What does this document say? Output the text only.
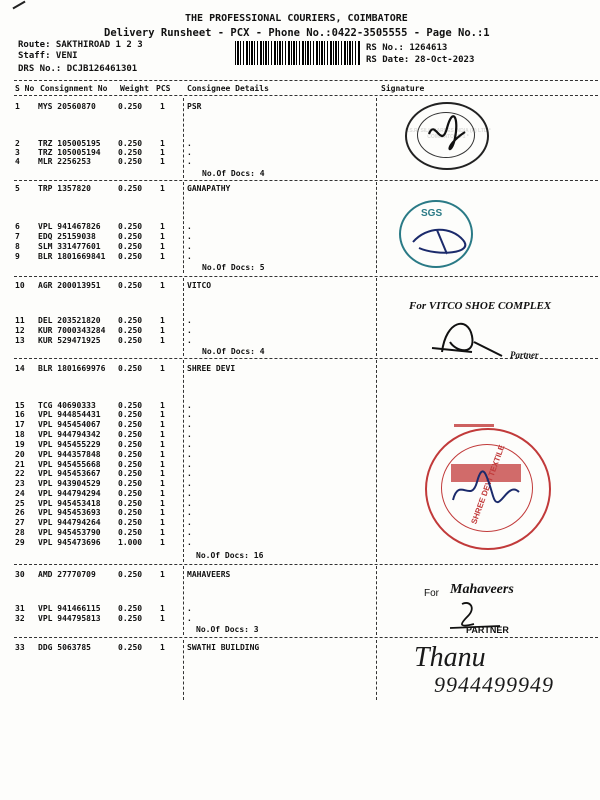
THE PROFESSIONAL COURIERS, COIMBATORE
Delivery Runsheet - PCX - Phone No.:0422-3505555 - Page No.:1
Route: SAKTHIROAD 1 2 3
Staff: VENI
DRS No.: DCJB126461301
RS No.: 1264613
RS Date: 28-Oct-2023
S No Consignment No Weight PCS Consignee Details	Signature
1 MYS 20560870	0.250 1	PSR
2 TRZ 105005195 0.250 1	.
3 TRZ 105005194 0.250 1	.
4 MLR 2256253	0.250 1	.
No.Of Docs: 4
5 TRP 1357820	0.250 1	GANAPATHY
6 VPL 941467826 0.250 1	.
7 EDQ 25159038	0.250 1	.
8 SLM 331477601 0.250 1	.
9 BLR 1801669841 0.250 1	.
No.Of Docs: 5
10 AGR 200013951 0.250 1	VITCO
11 DEL 203521820 0.250 1	.
12 KUR 7000343284 0.250 1	.
13 KUR 529471925 0.250 1	.
No.Of Docs: 4
14 BLR 1801669976 0.250 1	SHREE DEVI
15 TCG 40690333	0.250 1	.
16 VPL 944854431 0.250 1	.
17 VPL 945454067 0.250 1	.
18 VPL 944794342 0.250 1	.
19 VPL 945455229 0.250 1	.
20 VPL 944357848 0.250 1	.
21 VPL 945455668 0.250 1	.
22 VPL 945453667 0.250 1	.
23 VPL 943904529 0.250 1	.
24 VPL 944794294 0.250 1	.
25 VPL 945453418 0.250 1	.
26 VPL 945453693 0.250 1	.
27 VPL 944794264 0.250 1	.
28 VPL 945453790 0.250 1	.
29 VPL 945473696 1.000 1	.
No.Of Docs: 16
30 AMD 27770709	0.250 1	MAHAVEERS
31 VPL 941466115 0.250 1	.
32 VPL 944795813 0.250 1	.
No.Of Docs: 3
33 DDG 5063785	0.250 1	SWATHI BUILDING
P.S.R. SILK SAREES INDIA (P) LTD * COIMBATORE-1 *
SGS
For VITCO SHOE COMPLEX
Partner
SHREE DEVI TEXTILE
For Mahaveers
PARTNER
Thanu
9944499949
